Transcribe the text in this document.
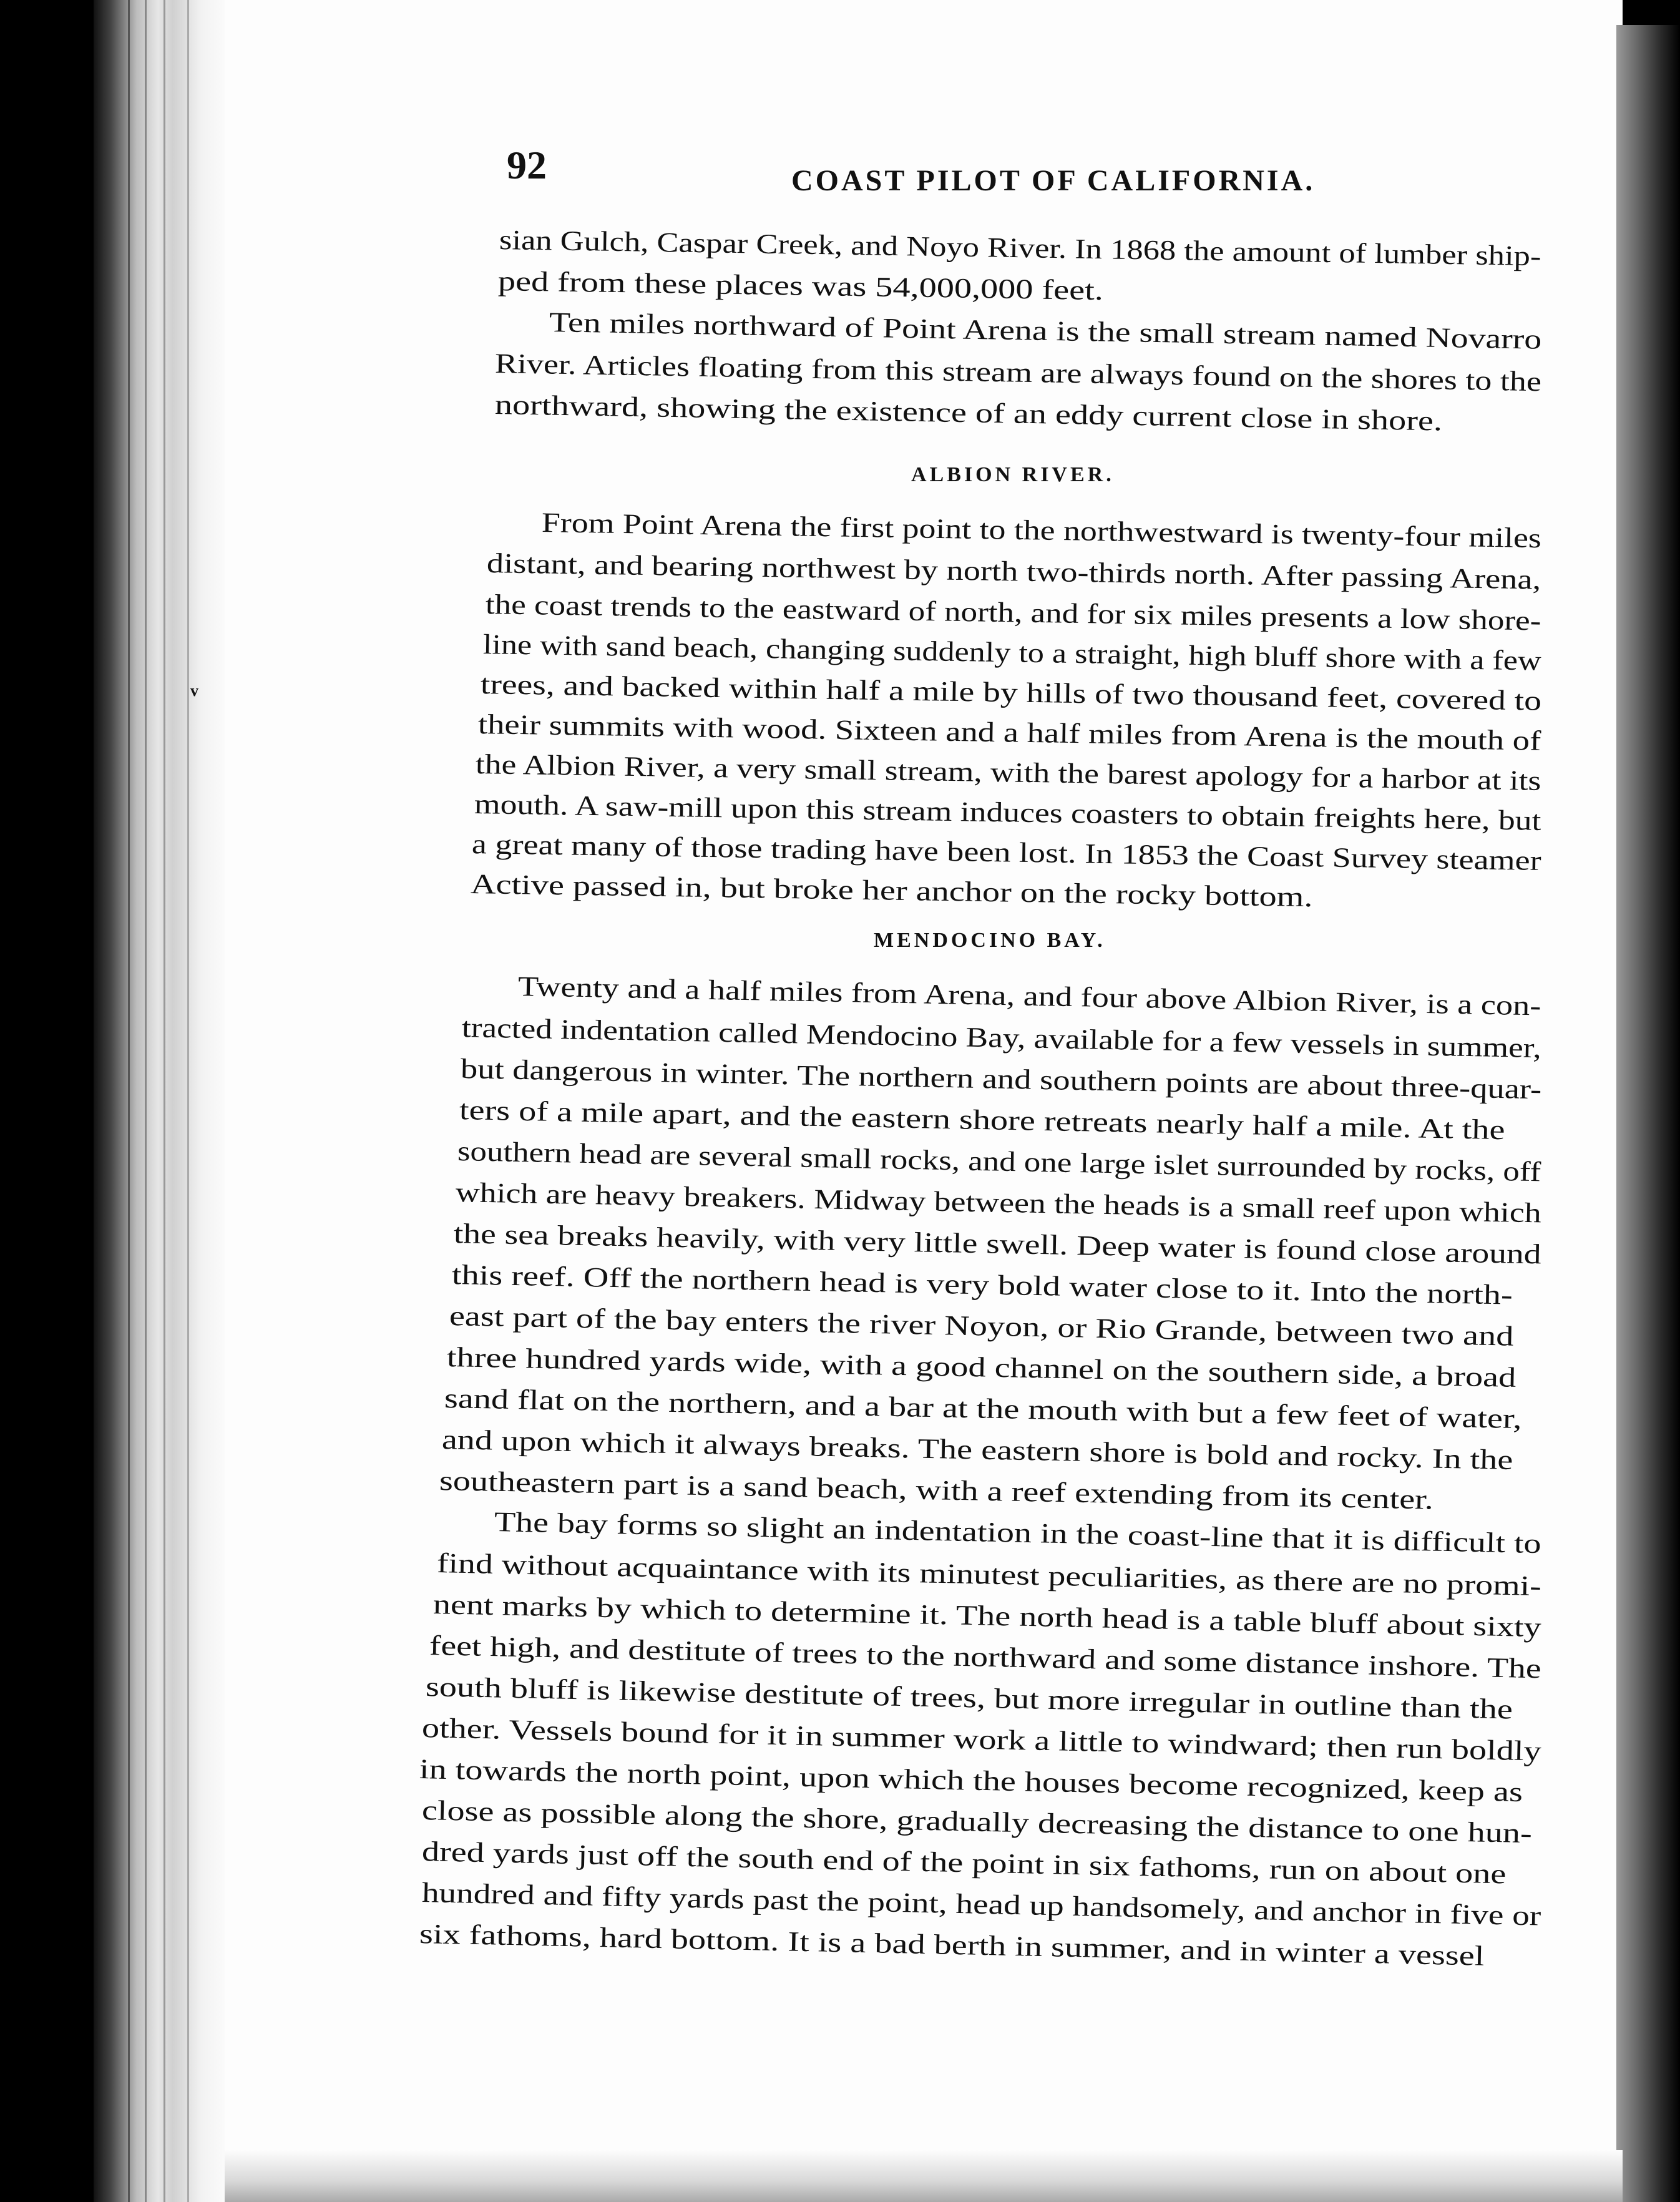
92	COAST PILOT OF CALIFORNIA.
v
sian Gulch, Caspar Creek, and Noyo River. In 1868 the amount of lumber ship-
ped from these places was 54,000,000 feet.
Ten miles northward of Point Arena is the small stream named Novarro
River. Articles floating from this stream are always found on the shores to the
northward, showing the existence of an eddy current close in shore.
ALBION RIVER.
From Point Arena the first point to the northwestward is twenty-four miles
distant, and bearing northwest by north two-thirds north. After passing Arena,
the coast trends to the eastward of north, and for six miles presents a low shore-
line with sand beach, changing suddenly to a straight, high bluff shore with a few
trees, and backed within half a mile by hills of two thousand feet, covered to
their summits with wood. Sixteen and a half miles from Arena is the mouth of
the Albion River, a very small stream, with the barest apology for a harbor at its
mouth. A saw-mill upon this stream induces coasters to obtain freights here, but
a great many of those trading have been lost. In 1853 the Coast Survey steamer
Active passed in, but broke her anchor on the rocky bottom.
MENDOCINO BAY.
Twenty and a half miles from Arena, and four above Albion River, is a con-
tracted indentation called Mendocino Bay, available for a few vessels in summer,
but dangerous in winter. The northern and southern points are about three-quar-
ters of a mile apart, and the eastern shore retreats nearly half a mile. At the
southern head are several small rocks, and one large islet surrounded by rocks, off
which are heavy breakers. Midway between the heads is a small reef upon which
the sea breaks heavily, with very little swell. Deep water is found close around
this reef. Off the northern head is very bold water close to it. Into the north-
east part of the bay enters the river Noyon, or Rio Grande, between two and
three hundred yards wide, with a good channel on the southern side, a broad
sand flat on the northern, and a bar at the mouth with but a few feet of water,
and upon which it always breaks. The eastern shore is bold and rocky. In the
southeastern part is a sand beach, with a reef extending from its center.
The bay forms so slight an indentation in the coast-line that it is difficult to
find without acquaintance with its minutest peculiarities, as there are no promi-
nent marks by which to determine it. The north head is a table bluff about sixty
feet high, and destitute of trees to the northward and some distance inshore. The
south bluff is likewise destitute of trees, but more irregular in outline than the
other. Vessels bound for it in summer work a little to windward; then run boldly
in towards the north point, upon which the houses become recognized, keep as
close as possible along the shore, gradually decreasing the distance to one hun-
dred yards just off the south end of the point in six fathoms, run on about one
hundred and fifty yards past the point, head up handsomely, and anchor in five or
six fathoms, hard bottom. It is a bad berth in summer, and in winter a vessel
